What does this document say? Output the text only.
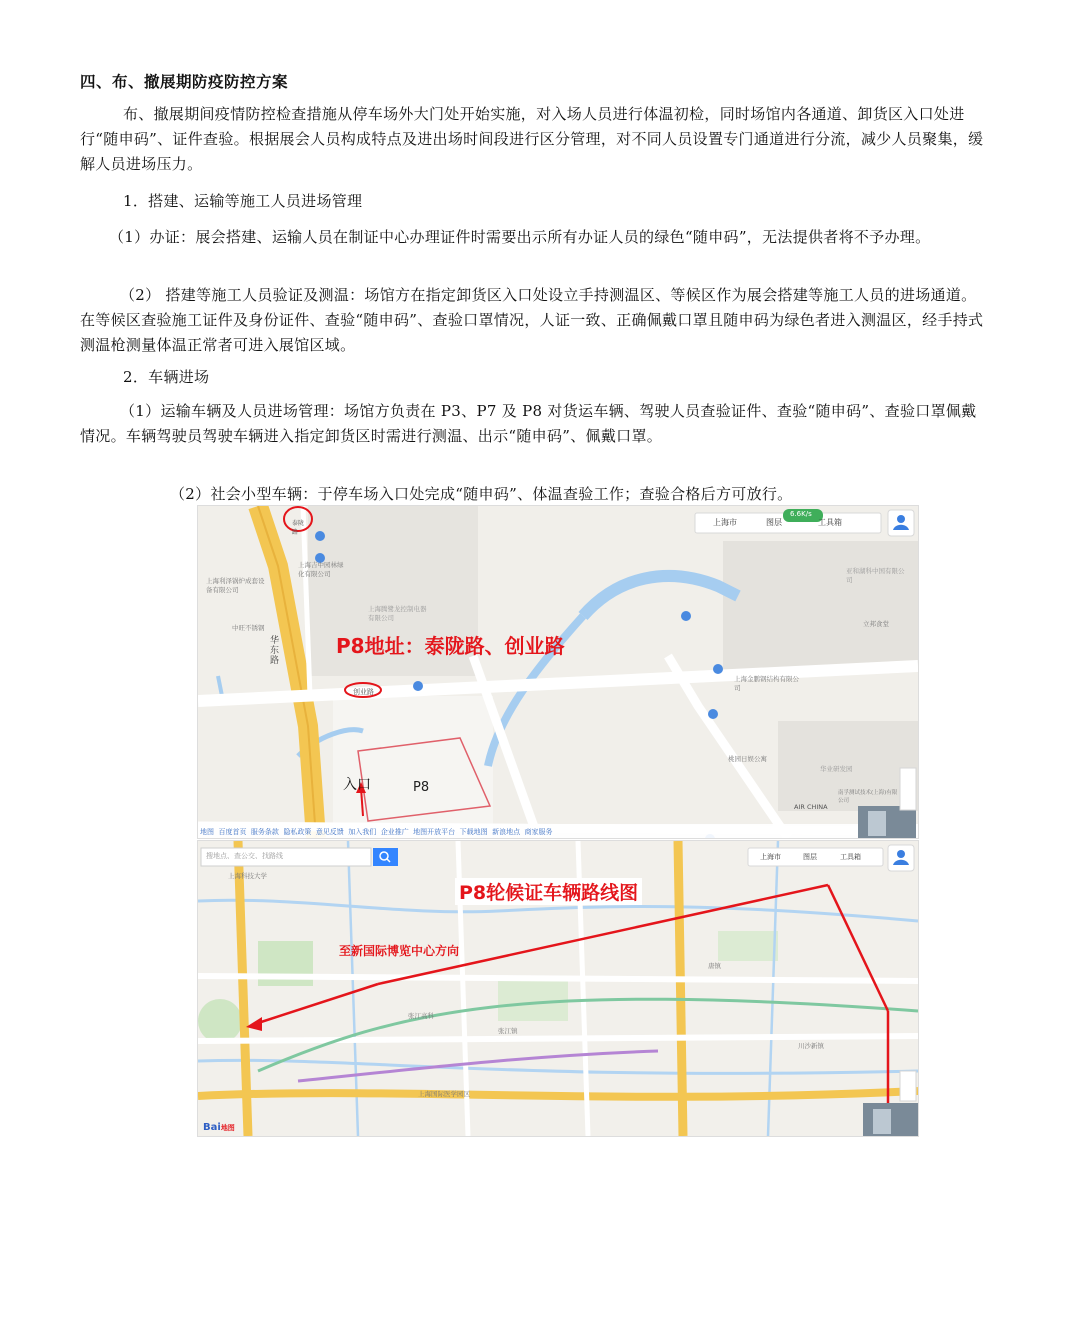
四、布、撤展期防疫防控方案
布、撤展期间疫情防控检查措施从停车场外大门处开始实施，对入场人员进行体温初检，同时场馆内各通道、卸货区入口处进行“随申码”、证件查验。根据展会人员构成特点及进出场时间段进行区分管理，对不同人员设置专门通道进行分流，减少人员聚集，缓解人员进场压力。
1．搭建、运输等施工人员进场管理
（1）办证：展会搭建、运输人员在制证中心办理证件时需要出示所有办证人员的绿色“随申码”，无法提供者将不予办理。
（2） 搭建等施工人员验证及测温：场馆方在指定卸货区入口处设立手持测温区、等候区作为展会搭建等施工人员的进场通道。在等候区查验施工证件及身份证件、查验“随申码”、查验口罩情况，人证一致、正确佩戴口罩且随申码为绿色者进入测温区，经手持式测温枪测量体温正常者可进入展馆区域。
2．车辆进场
（1）运输车辆及人员进场管理：场馆方负责在 P3、P7 及 P8 对货运车辆、驾驶人员查验证件、查验“随申码”、查验口罩佩戴情况。车辆驾驶员驾驶车辆进入指定卸货区时需进行测温、出示“随申码”、佩戴口罩。
（2）社会小型车辆：于停车场入口处完成“随申码”、体温查验工作；查验合格后方可放行。
P8地址：泰陇路、创业路
入口	P8
上海市	图层	工具箱
6.6K/s
泰陇路
创业路
华东路
上海吉中园林绿化有限公司
上海利泽锅炉成套设备有限公司
上海腾鹭龙控制电器有限公司
中旺不锈钢
上海金鹏钢结构有限公司
亚和湖科中国有限公司
立邦食堂
桃园日娱公寓
华业研发园
AIR CHINA
南孚测试技术(上海)有限公司
地图 百度首页 服务条款 隐私政策 意见反馈 加入我们 企业推广 地图开放平台 下载地图 新浪地点 商家服务
P8轮候证车辆路线图
至新国际博览中心方向
搜地点、查公交、找路线	上海市	图层	工具箱
上海科技大学
张江镇
张江高科
上海国际医学园区
唐镇
川沙新镇
Bai地图
